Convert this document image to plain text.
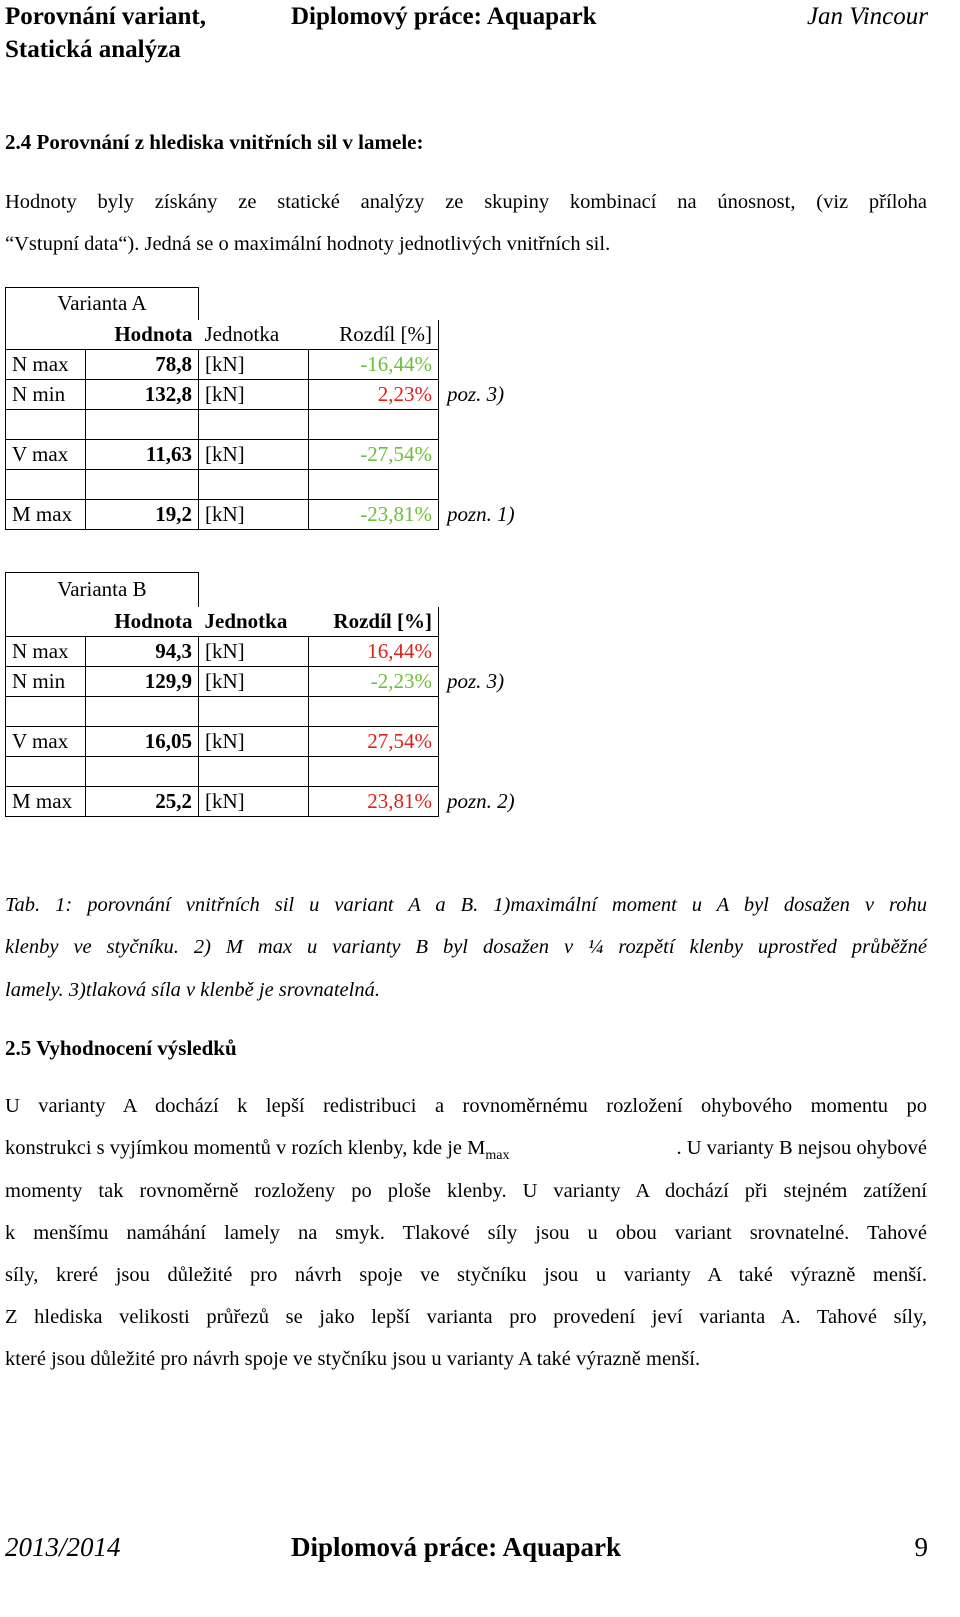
Porovnání variant,
Statická analýza
Diplomový práce: Aquapark	Jan Vincour
2.4 Porovnání z hlediska vnitřních sil v lamele:
Hodnoty byly získány ze statické analýzy ze skupiny kombinací na únosnost, (viz příloha
“Vstupní data“). Jedná se o maximální hodnoty jednotlivých vnitřních sil.
Varianta A				
	Hodnota	Jednotka	Rozdíl [%]	
N max	78,8	[kN]	-16,44%	
N min	132,8	[kN]	2,23%	poz. 3)

V max	11,63	[kN]	-27,54%	

M max	19,2	[kN]	-23,81%	pozn. 1)
Varianta B				
	Hodnota	Jednotka	Rozdíl [%]	
N max	94,3	[kN]	16,44%	
N min	129,9	[kN]	-2,23%	poz. 3)

V max	16,05	[kN]	27,54%	

M max	25,2	[kN]	23,81%	pozn. 2)
Tab. 1: porovnání vnitřních sil u variant A a B. 1)maximální moment u A byl dosažen v rohu
klenby ve styčníku. 2) M max u varianty B byl dosažen v ¼ rozpětí klenby uprostřed průběžné
lamely. 3)tlaková síla v klenbě je srovnatelná.
2.5 Vyhodnocení výsledků
U varianty A dochází k lepší redistribuci a rovnoměrnému rozložení ohybového momentu po
konstrukci s vyjímkou momentů v rozích klenby, kde je $M_{max}$	. U varianty B nejsou ohybové
momenty tak rovnoměrně rozloženy po ploše klenby. U varianty A dochází při stejném zatížení
k menšímu namáhání lamely na smyk. Tlakové síly jsou u obou variant srovnatelné. Tahové
síly, kreré jsou důležité pro návrh spoje ve styčníku jsou u varianty A také výrazně menší.
Z hlediska velikosti průřezů se jako lepší varianta pro provedení jeví varianta A. Tahové síly,
které jsou důležité pro návrh spoje ve styčníku jsou u varianty A také výrazně menší.
2013/2014	Diplomová práce: Aquapark	9
